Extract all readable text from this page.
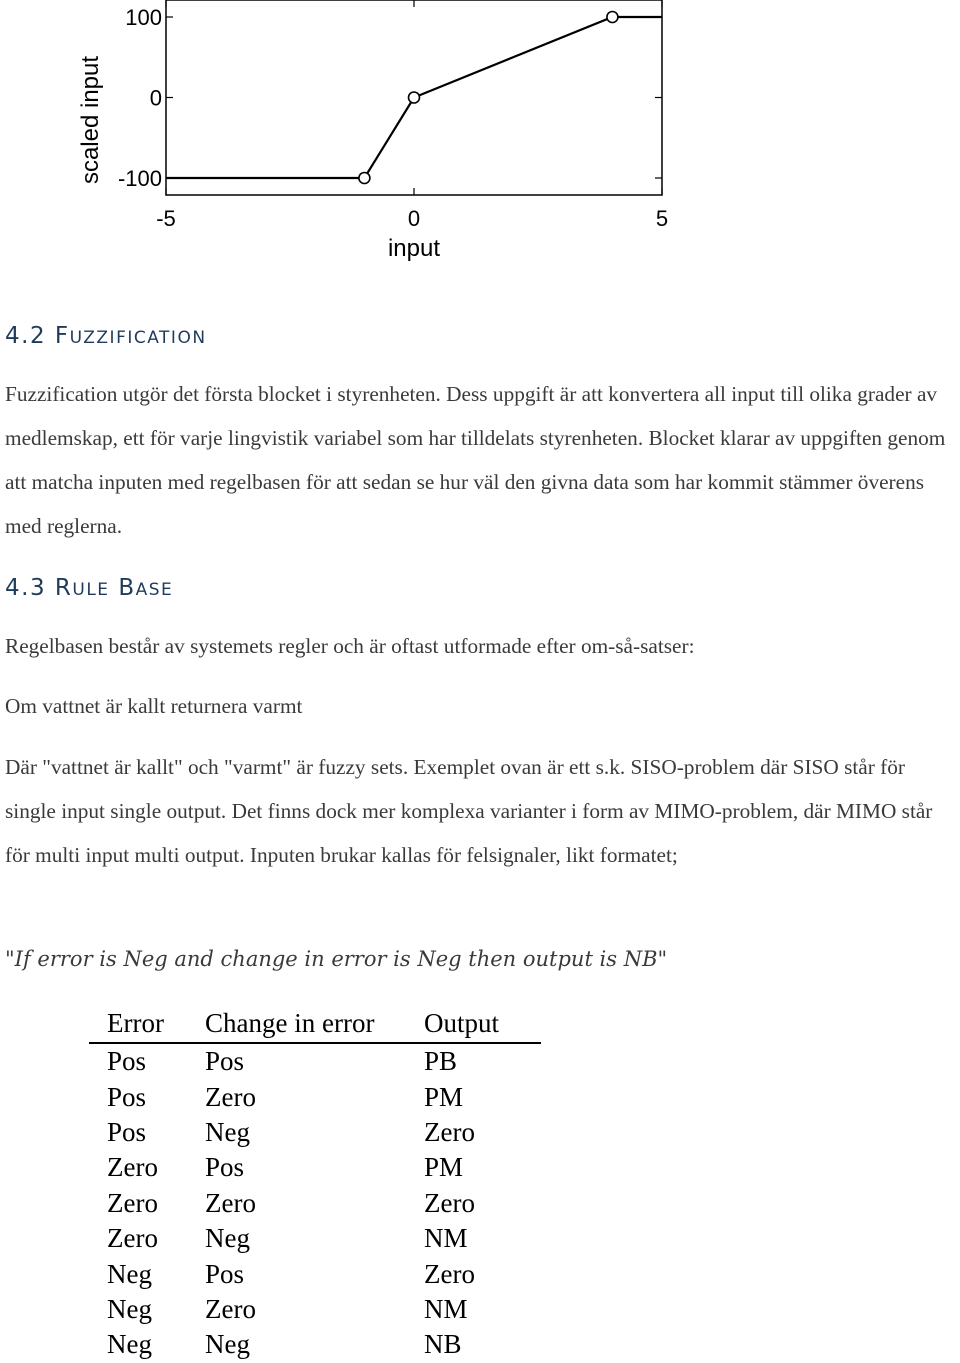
-5	0	5
100
0
-100
input
scaled input
4.2 FUZZIFICATION

Fuzzification utgör det första blocket i styrenheten. Dess uppgift är att konvertera all input till olika grader av medlemskap, ett för varje lingvistik variabel som har tilldelats styrenheten. Blocket klarar av uppgiften genom att matcha inputen med regelbasen för att sedan se hur väl den givna data som har kommit stämmer överens med reglerna.

4.3 RULE BASE

Regelbasen består av systemets regler och är oftast utformade efter om-så-satser:

Om vattnet är kallt returnera varmt

Där "vattnet är kallt" och "varmt" är fuzzy sets. Exemplet ovan är ett s.k. SISO-problem där SISO står för single input single output. Det finns dock mer komplexa varianter i form av MIMO-problem, där MIMO står för multi input multi output. Inputen brukar kallas för felsignaler, likt formatet;

"If error is Neg and change in error is Neg then output is NB"

Error	Change in error	Output
Pos	Pos	PB
Pos	Zero	PM
Pos	Neg	Zero
Zero	Pos	PM
Zero	Zero	Zero
Zero	Neg	NM
Neg	Pos	Zero
Neg	Zero	NM
Neg	Neg	NB
